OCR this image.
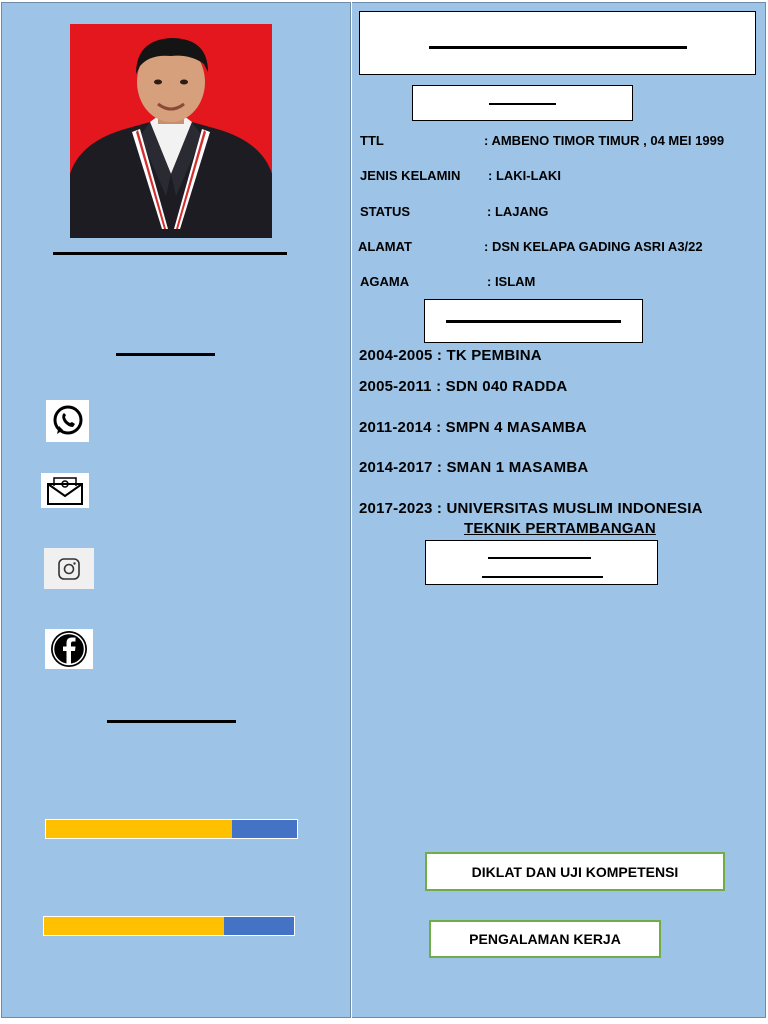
TTL	: AMBENO TIMOR TIMUR , 04 MEI 1999
JENIS KELAMIN : LAKI-LAKI
STATUS	: LAJANG
ALAMAT	: DSN KELAPA GADING ASRI A3/22
AGAMA	: ISLAM
2004-2005 : TK PEMBINA
2005-2011 : SDN 040 RADDA
2011-2014 : SMPN 4 MASAMBA
2014-2017 : SMAN 1 MASAMBA
2017-2023 : UNIVERSITAS MUSLIM INDONESIA
TEKNIK PERTAMBANGAN
DIKLAT DAN UJI KOMPETENSI
PENGALAMAN KERJA
